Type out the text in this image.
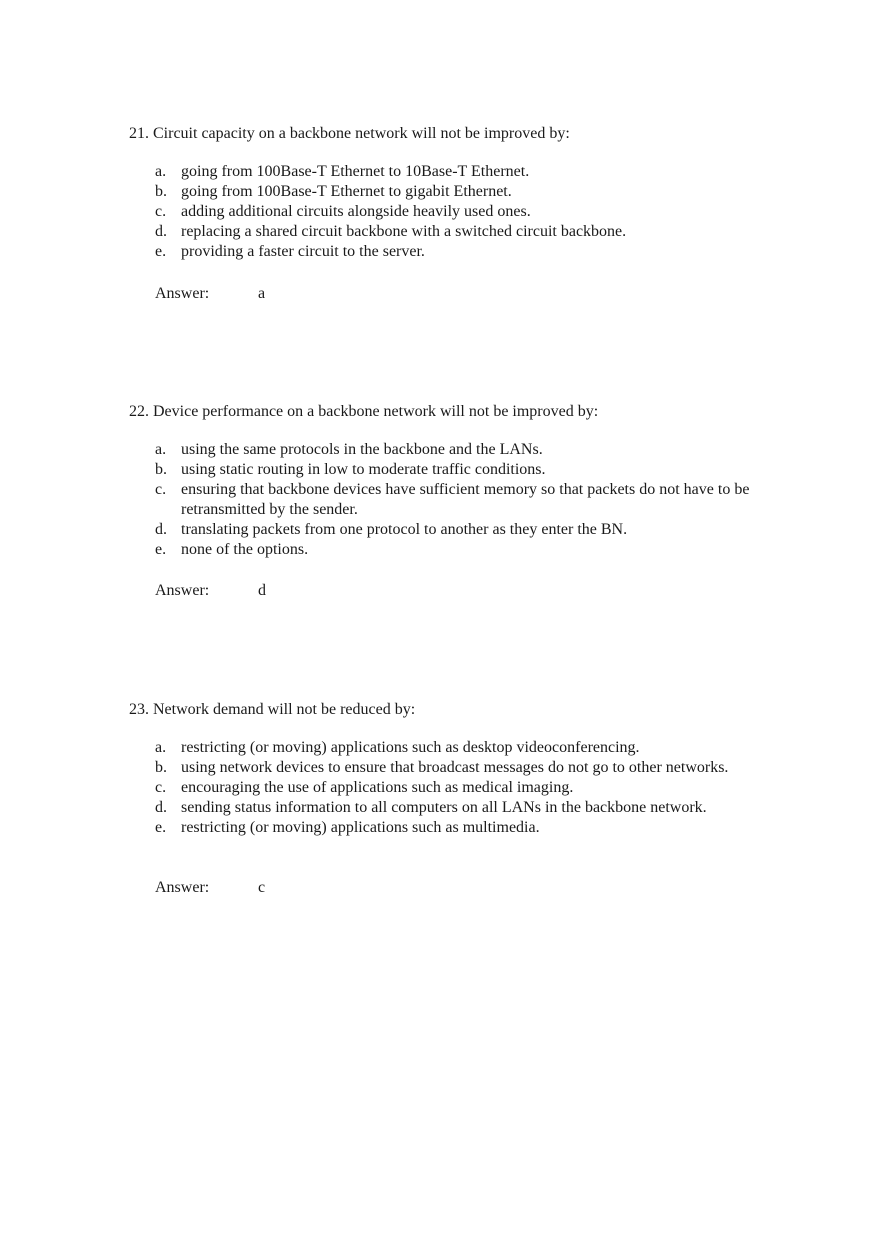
21. Circuit capacity on a backbone network will not be improved by:
a. going from 100Base-T Ethernet to 10Base-T Ethernet.
b. going from 100Base-T Ethernet to gigabit Ethernet.
c. adding additional circuits alongside heavily used ones.
d. replacing a shared circuit backbone with a switched circuit backbone.
e. providing a faster circuit to the server.
Answer:	a
22. Device performance on a backbone network will not be improved by:
a. using the same protocols in the backbone and the LANs.
b. using static routing in low to moderate traffic conditions.
c. ensuring that backbone devices have sufficient memory so that packets do not have to be retransmitted by the sender.
d. translating packets from one protocol to another as they enter the BN.
e. none of the options.
Answer:	d
23. Network demand will not be reduced by:
a. restricting (or moving) applications such as desktop videoconferencing.
b. using network devices to ensure that broadcast messages do not go to other networks.
c. encouraging the use of applications such as medical imaging.
d. sending status information to all computers on all LANs in the backbone network.
e. restricting (or moving) applications such as multimedia.
Answer:	c
